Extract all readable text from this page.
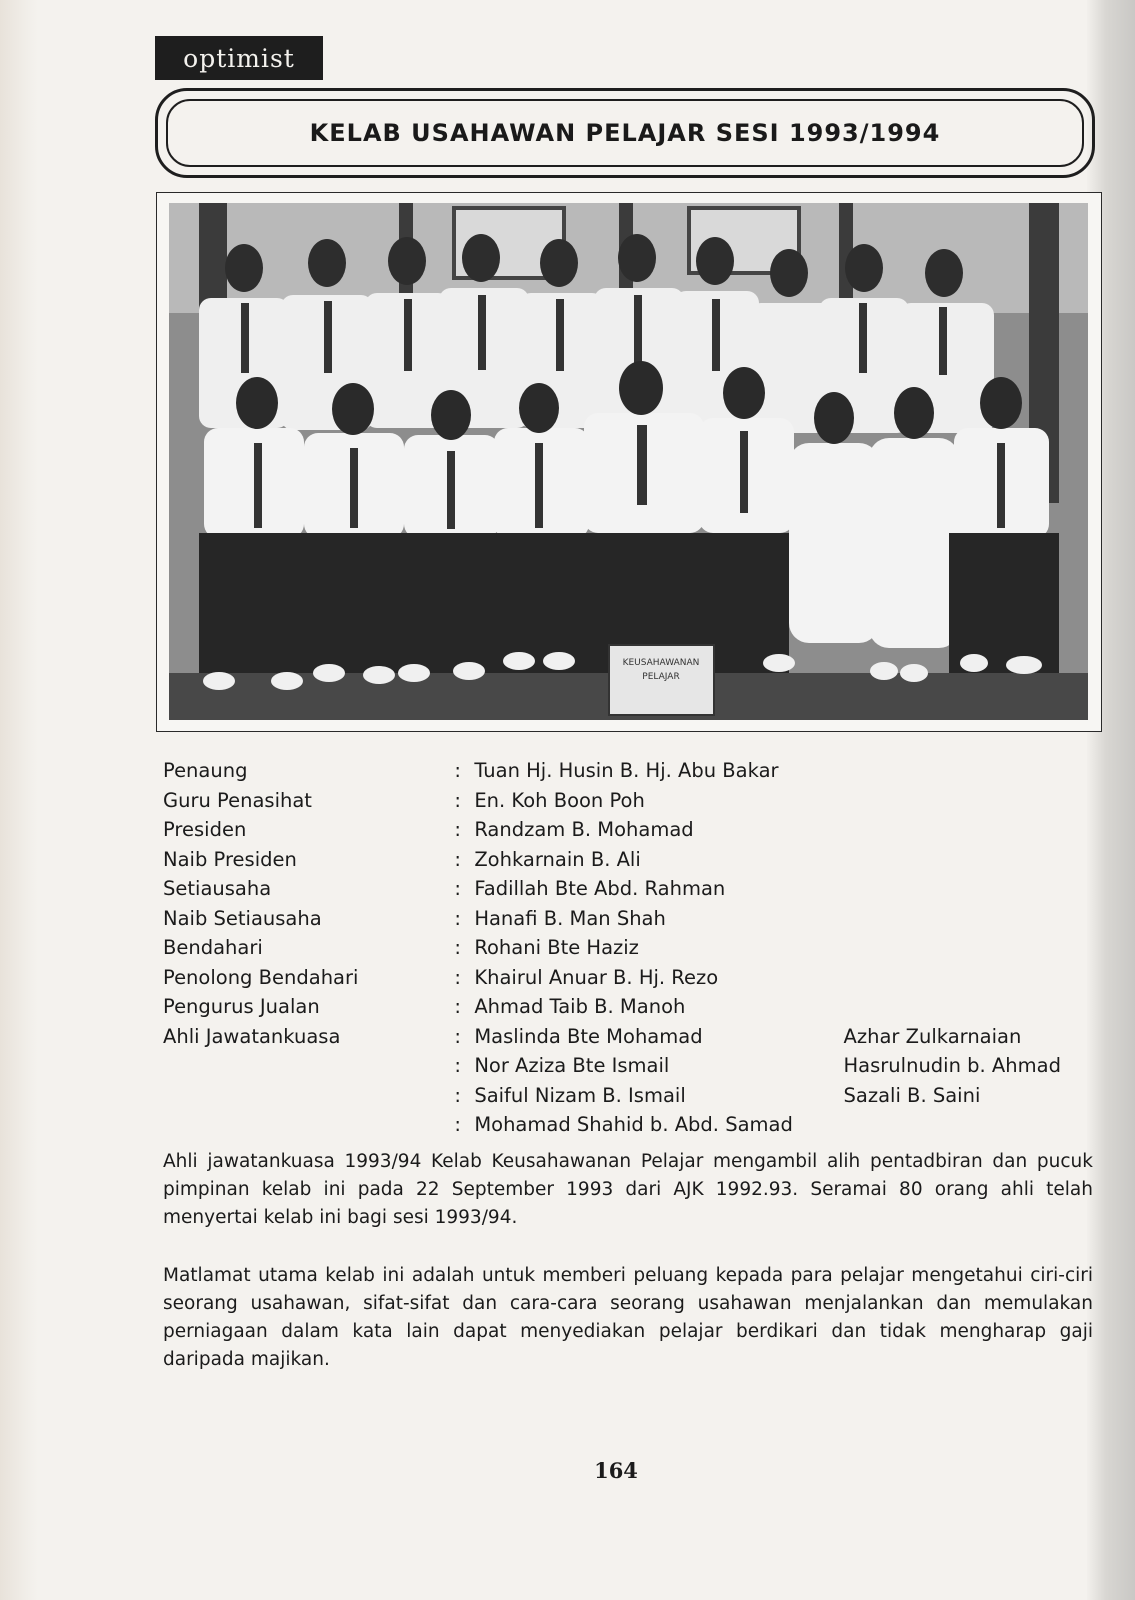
optimist
KELAB USAHAWAN PELAJAR SESI 1993/1994
KEUSAHAWANAN
PELAJAR
Penaung	: Tuan Hj. Husin B. Hj. Abu Bakar
Guru Penasihat	: En. Koh Boon Poh
Presiden	: Randzam B. Mohamad
Naib Presiden	: Zohkarnain B. Ali
Setiausaha	: Fadillah Bte Abd. Rahman
Naib Setiausaha	: Hanafi B. Man Shah
Bendahari	: Rohani Bte Haziz
Penolong Bendahari	: Khairul Anuar B. Hj. Rezo
Pengurus Jualan	: Ahmad Taib B. Manoh
Ahli Jawatankuasa	: Maslinda Bte Mohamad	Azhar Zulkarnaian
: Nor Aziza Bte Ismail	Hasrulnudin b. Ahmad
: Saiful Nizam B. Ismail	Sazali B. Saini
: Mohamad Shahid b. Abd. Samad

Ahli jawatankuasa 1993/94 Kelab Keusahawanan Pelajar mengambil alih pentadbiran dan pucuk pimpinan kelab ini pada 22 September 1993 dari AJK 1992.93. Seramai 80 orang ahli telah menyertai kelab ini bagi sesi 1993/94.

Matlamat utama kelab ini adalah untuk memberi peluang kepada para pelajar mengetahui ciri-ciri seorang usahawan, sifat-sifat dan cara-cara seorang usahawan menjalankan dan memulakan perniagaan dalam kata lain dapat menyediakan pelajar berdikari dan tidak mengharap gaji daripada majikan.

164
